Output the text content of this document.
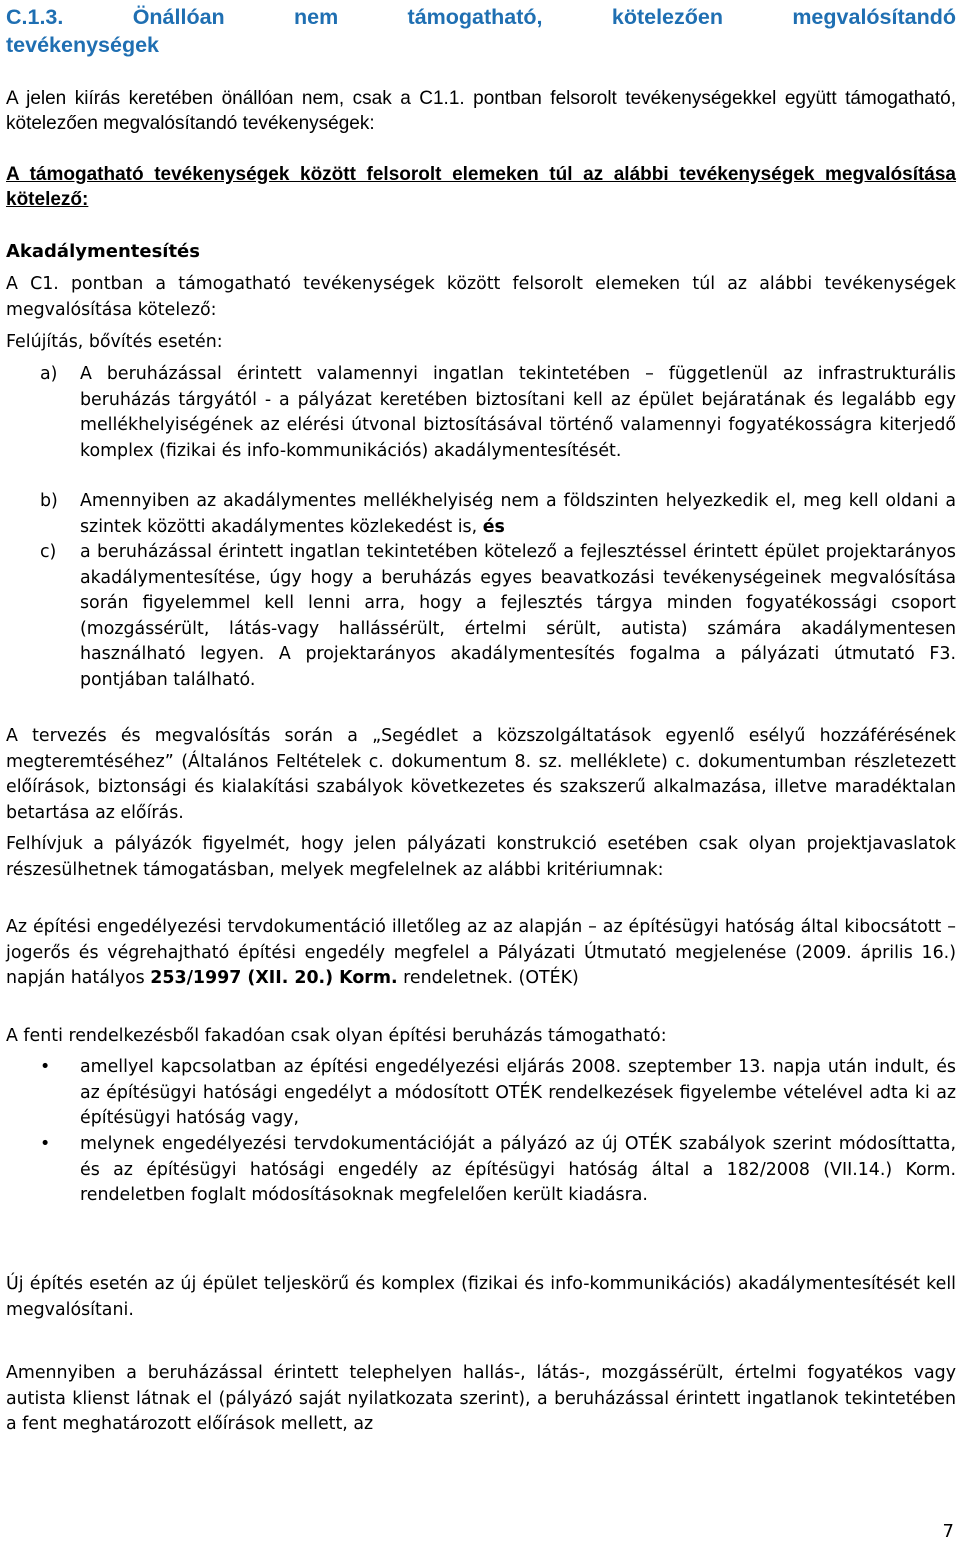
C.1.3. Önállóan nem támogatható, kötelezően megvalósítandó
tevékenységek

A jelen kiírás keretében önállóan nem, csak a C1.1. pontban felsorolt tevékenységekkel együtt támogatható, kötelezően megvalósítandó tevékenységek:

A támogatható tevékenységek között felsorolt elemeken túl az alábbi tevékenységek megvalósítása kötelező:

Akadálymentesítés

A C1. pontban a támogatható tevékenységek között felsorolt elemeken túl az alábbi tevékenységek megvalósítása kötelező:

Felújítás, bővítés esetén:

a)	A beruházással érintett valamennyi ingatlan tekintetében – függetlenül az infrastrukturális beruházás tárgyától - a pályázat keretében biztosítani kell az épület bejáratának és legalább egy mellékhelyiségének az elérési útvonal biztosításával történő valamennyi fogyatékosságra kiterjedő komplex (fizikai és info-kommunikációs) akadálymentesítését.
b)	Amennyiben az akadálymentes mellékhelyiség nem a földszinten helyezkedik el, meg kell oldani a szintek közötti akadálymentes közlekedést is, és
c)	a beruházással érintett ingatlan tekintetében kötelező a fejlesztéssel érintett épület projektarányos akadálymentesítése, úgy hogy a beruházás egyes beavatkozási tevékenységeinek megvalósítása során figyelemmel kell lenni arra, hogy a fejlesztés tárgya minden fogyatékossági csoport (mozgássérült, látás-vagy hallássérült, értelmi sérült, autista) számára akadálymentesen használható legyen. A projektarányos akadálymentesítés fogalma a pályázati útmutató F3. pontjában található.

A tervezés és megvalósítás során a „Segédlet a közszolgáltatások egyenlő esélyű hozzáférésének megteremtéséhez” (Általános Feltételek c. dokumentum 8. sz. melléklete) c. dokumentumban részletezett előírások, biztonsági és kialakítási szabályok következetes és szakszerű alkalmazása, illetve maradéktalan betartása az előírás.

Felhívjuk a pályázók figyelmét, hogy jelen pályázati konstrukció esetében csak olyan projektjavaslatok részesülhetnek támogatásban, melyek megfelelnek az alábbi kritériumnak:

Az építési engedélyezési tervdokumentáció illetőleg az az alapján – az építésügyi hatóság által kibocsátott – jogerős és végrehajtható építési engedély megfelel a Pályázati Útmutató megjelenése (2009. április 16.) napján hatályos 253/1997 (XII. 20.) Korm. rendeletnek. (OTÉK)

A fenti rendelkezésből fakadóan csak olyan építési beruházás támogatható:

• amellyel kapcsolatban az építési engedélyezési eljárás 2008. szeptember 13. napja után indult, és az építésügyi hatósági engedélyt a módosított OTÉK rendelkezések figyelembe vételével adta ki az építésügyi hatóság vagy,
• melynek engedélyezési tervdokumentációját a pályázó az új OTÉK szabályok szerint módosíttatta, és az építésügyi hatósági engedély az építésügyi hatóság által a 182/2008 (VII.14.) Korm. rendeletben foglalt módosításoknak megfelelően került kiadásra.

Új építés esetén az új épület teljeskörű és komplex (fizikai és info-kommunikációs) akadálymentesítését kell megvalósítani.

Amennyiben a beruházással érintett telephelyen hallás-, látás-, mozgássérült, értelmi fogyatékos vagy autista klienst látnak el (pályázó saját nyilatkozata szerint), a beruházással érintett ingatlanok tekintetében a fent meghatározott előírások mellett, az

7
